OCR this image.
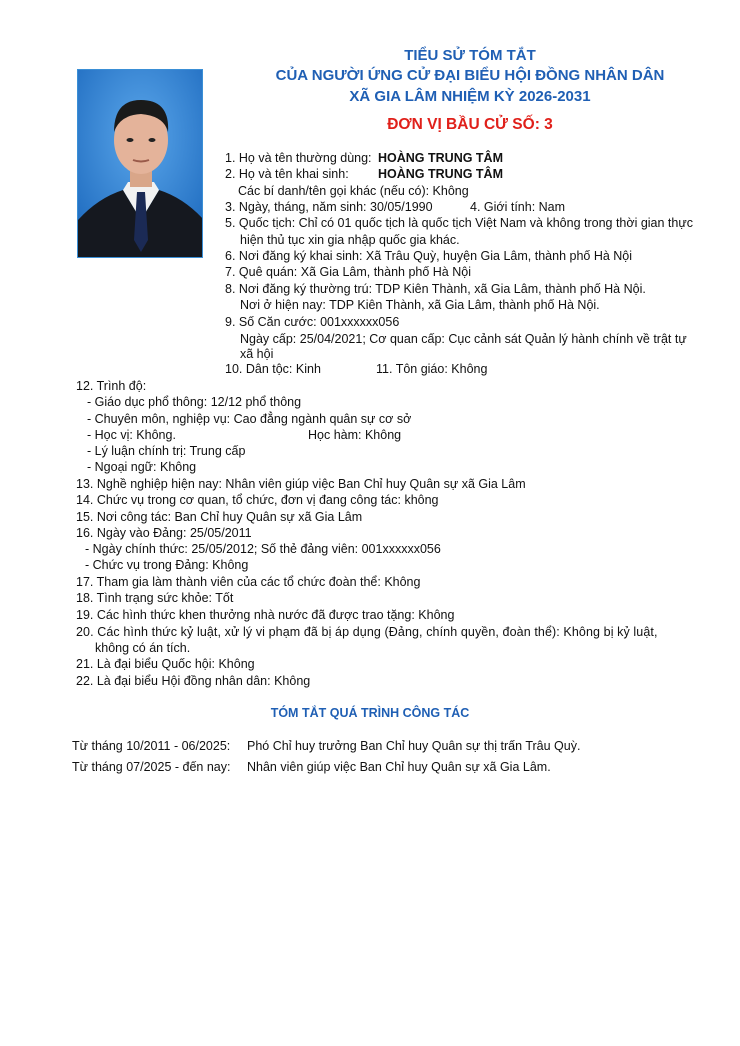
TIỂU SỬ TÓM TẮT
CỦA NGƯỜI ỨNG CỬ ĐẠI BIỂU HỘI ĐỒNG NHÂN DÂN
XÃ GIA LÂM NHIỆM KỲ 2026-2031
ĐƠN VỊ BẦU CỬ SỐ: 3
1. Họ và tên thường dùng: HOÀNG TRUNG TÂM
2. Họ và tên khai sinh: HOÀNG TRUNG TÂM
Các bí danh/tên gọi khác (nếu có): Không
3. Ngày, tháng, năm sinh: 30/05/1990	4. Giới tính: Nam
5. Quốc tịch: Chỉ có 01 quốc tịch là quốc tịch Việt Nam và không trong thời gian thực
hiện thủ tục xin gia nhập quốc gia khác.
6. Nơi đăng ký khai sinh: Xã Trâu Quỳ, huyện Gia Lâm, thành phố Hà Nội
7. Quê quán: Xã Gia Lâm, thành phố Hà Nội
8. Nơi đăng ký thường trú: TDP Kiên Thành, xã Gia Lâm, thành phố Hà Nội.
Nơi ở hiện nay: TDP Kiên Thành, xã Gia Lâm, thành phố Hà Nội.
9. Số Căn cước: 001xxxxxx056
Ngày cấp: 25/04/2021; Cơ quan cấp: Cục cảnh sát Quản lý hành chính về trật tự
xã hội
10. Dân tộc: Kinh	11. Tôn giáo: Không
12. Trình độ:
- Giáo dục phổ thông: 12/12 phổ thông
- Chuyên môn, nghiệp vụ: Cao đẳng ngành quân sự cơ sở
- Học vị: Không.	Học hàm: Không
- Lý luận chính trị: Trung cấp
- Ngoại ngữ: Không
13. Nghề nghiệp hiện nay: Nhân viên giúp việc Ban Chỉ huy Quân sự xã Gia Lâm
14. Chức vụ trong cơ quan, tổ chức, đơn vị đang công tác: không
15. Nơi công tác: Ban Chỉ huy Quân sự xã Gia Lâm
16. Ngày vào Đảng: 25/05/2011
- Ngày chính thức: 25/05/2012; Số thẻ đảng viên: 001xxxxxx056
- Chức vụ trong Đảng: Không
17. Tham gia làm thành viên của các tổ chức đoàn thể: Không
18. Tình trạng sức khỏe: Tốt
19. Các hình thức khen thưởng nhà nước đã được trao tặng: Không
20. Các hình thức kỷ luật, xử lý vi phạm đã bị áp dụng (Đảng, chính quyền, đoàn thể): Không bị kỷ luật,
không có án tích.
21. Là đại biểu Quốc hội: Không
22. Là đại biểu Hội đồng nhân dân: Không
TÓM TẮT QUÁ TRÌNH CÔNG TÁC
Từ tháng 10/2011 - 06/2025: Phó Chỉ huy trưởng Ban Chỉ huy Quân sự thị trấn Trâu Quỳ.
Từ tháng 07/2025 - đến nay: Nhân viên giúp việc Ban Chỉ huy Quân sự xã Gia Lâm.
